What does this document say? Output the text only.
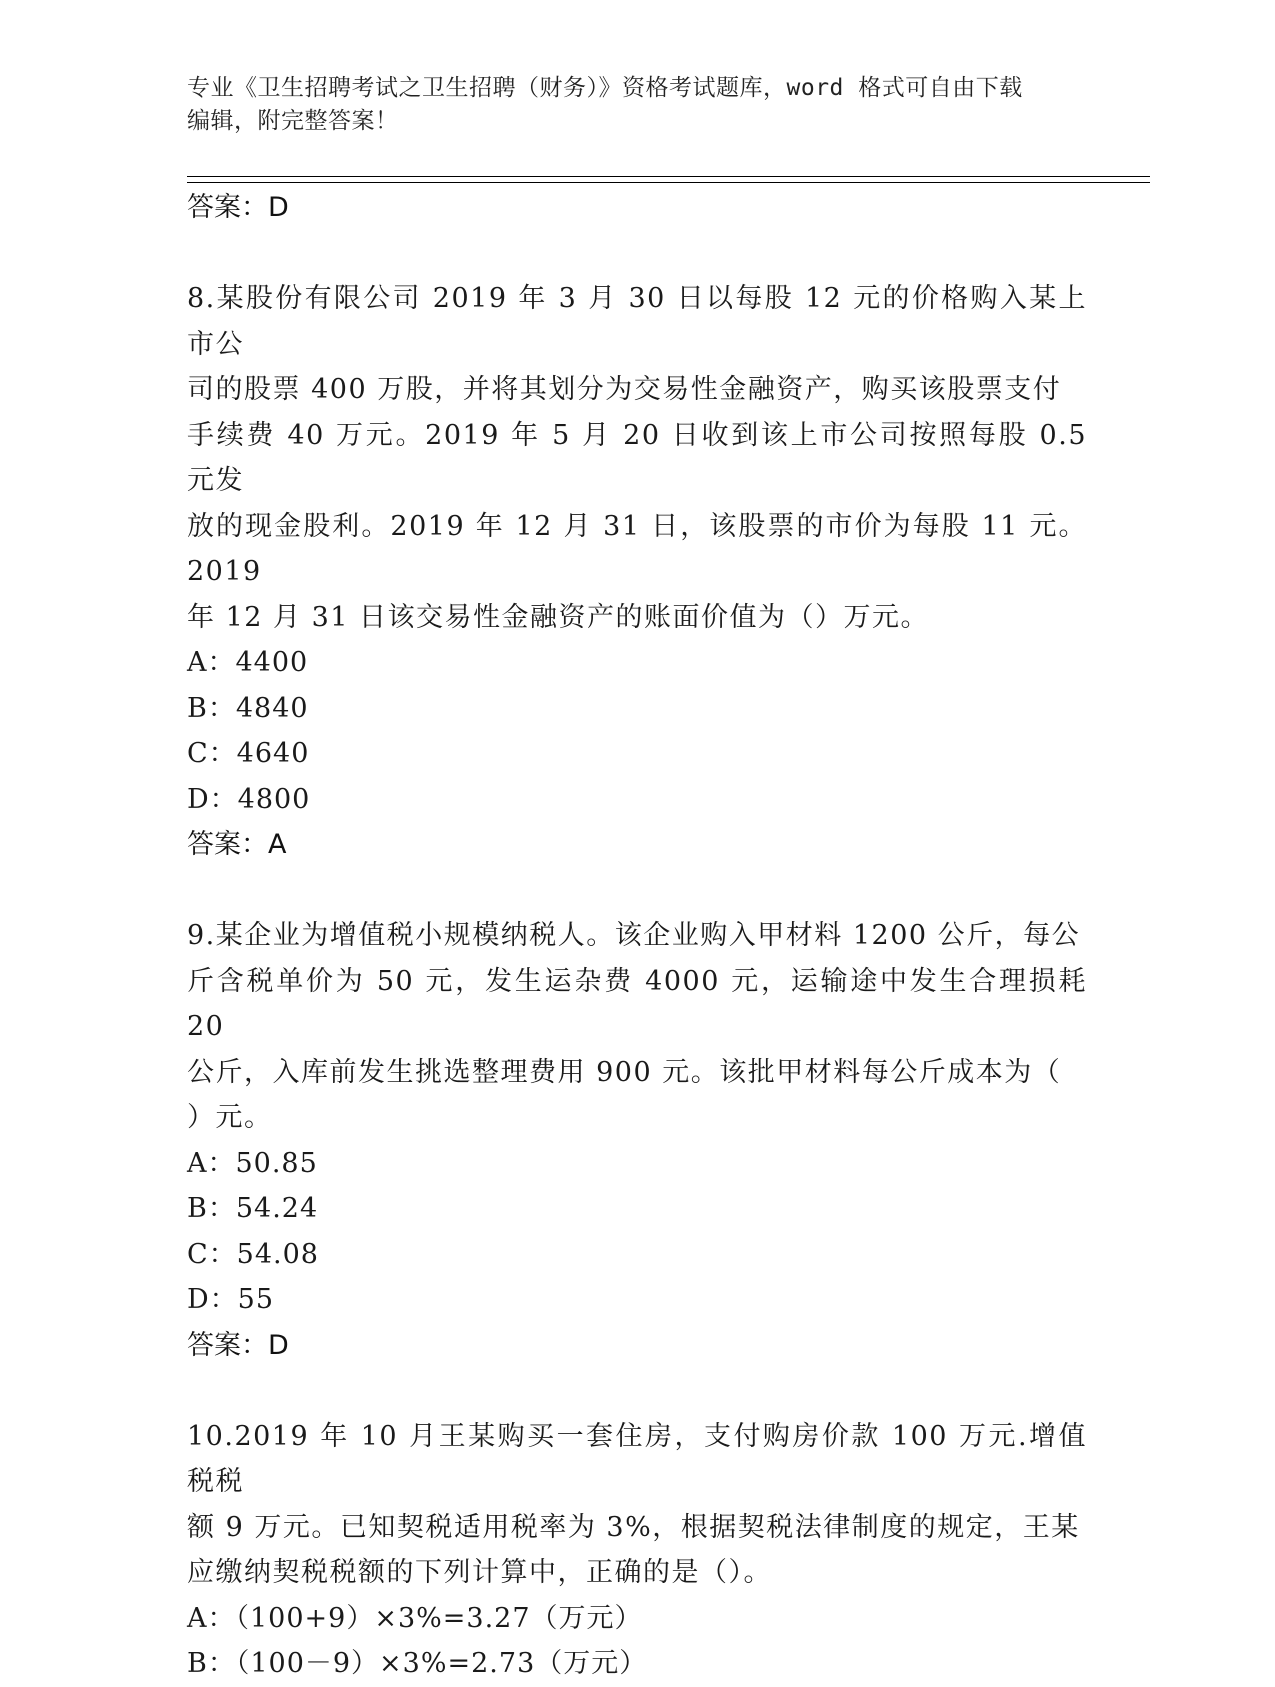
专业《卫生招聘考试之卫生招聘（财务）》资格考试题库，word 格式可自由下载
编辑，附完整答案！

答案：D

8.某股份有限公司 2019 年 3 月 30 日以每股 12 元的价格购入某上市公

司的股票 400 万股，并将其划分为交易性金融资产，购买该股票支付

手续费 40 万元。2019 年 5 月 20 日收到该上市公司按照每股 0.5 元发

放的现金股利。2019 年 12 月 31 日，该股票的市价为每股 11 元。2019

年 12 月 31 日该交易性金融资产的账面价值为（）万元。

A：4400

B：4840

C：4640

D：4800

答案：A

9.某企业为增值税小规模纳税人。该企业购入甲材料 1200 公斤，每公

斤含税单价为 50 元，发生运杂费 4000 元，运输途中发生合理损耗 20

公斤，入库前发生挑选整理费用 900 元。该批甲材料每公斤成本为（

）元。

A：50.85

B：54.24

C：54.08

D：55

答案：D

10.2019 年 10 月王某购买一套住房，支付购房价款 100 万元.增值税税

额 9 万元。已知契税适用税率为 3%，根据契税法律制度的规定，王某

应缴纳契税税额的下列计算中，正确的是（）。

A：（100+9）×3%=3.27（万元）

B：（100－9）×3%=2.73（万元）
